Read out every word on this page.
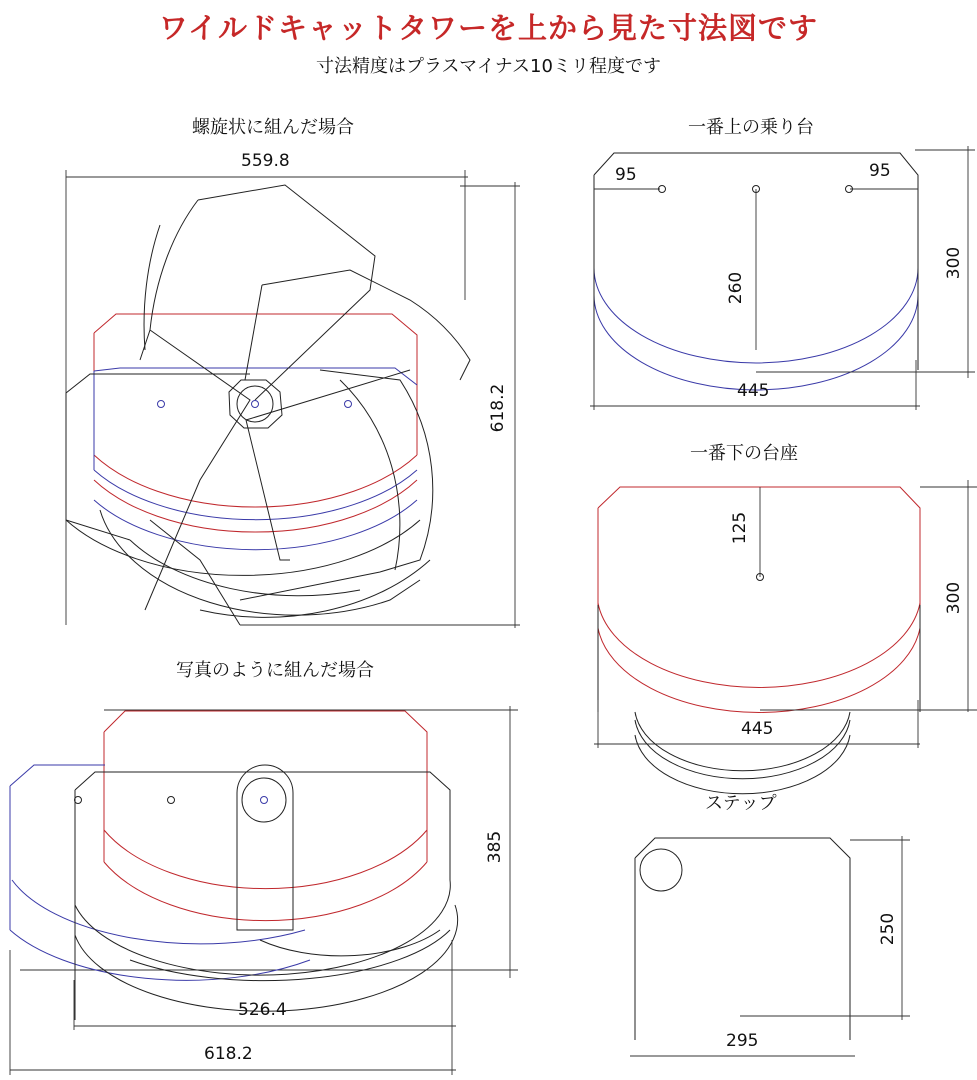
ワイルドキャットタワーを上から見た寸法図です
寸法精度はプラスマイナス10ミリ程度です
螺旋状に組んだ場合
写真のように組んだ場合
一番上の乗り台
一番下の台座
ステップ
559.8
618.2
385
526.4
618.2
95	95
260
300
445
125
300
445
250
295
